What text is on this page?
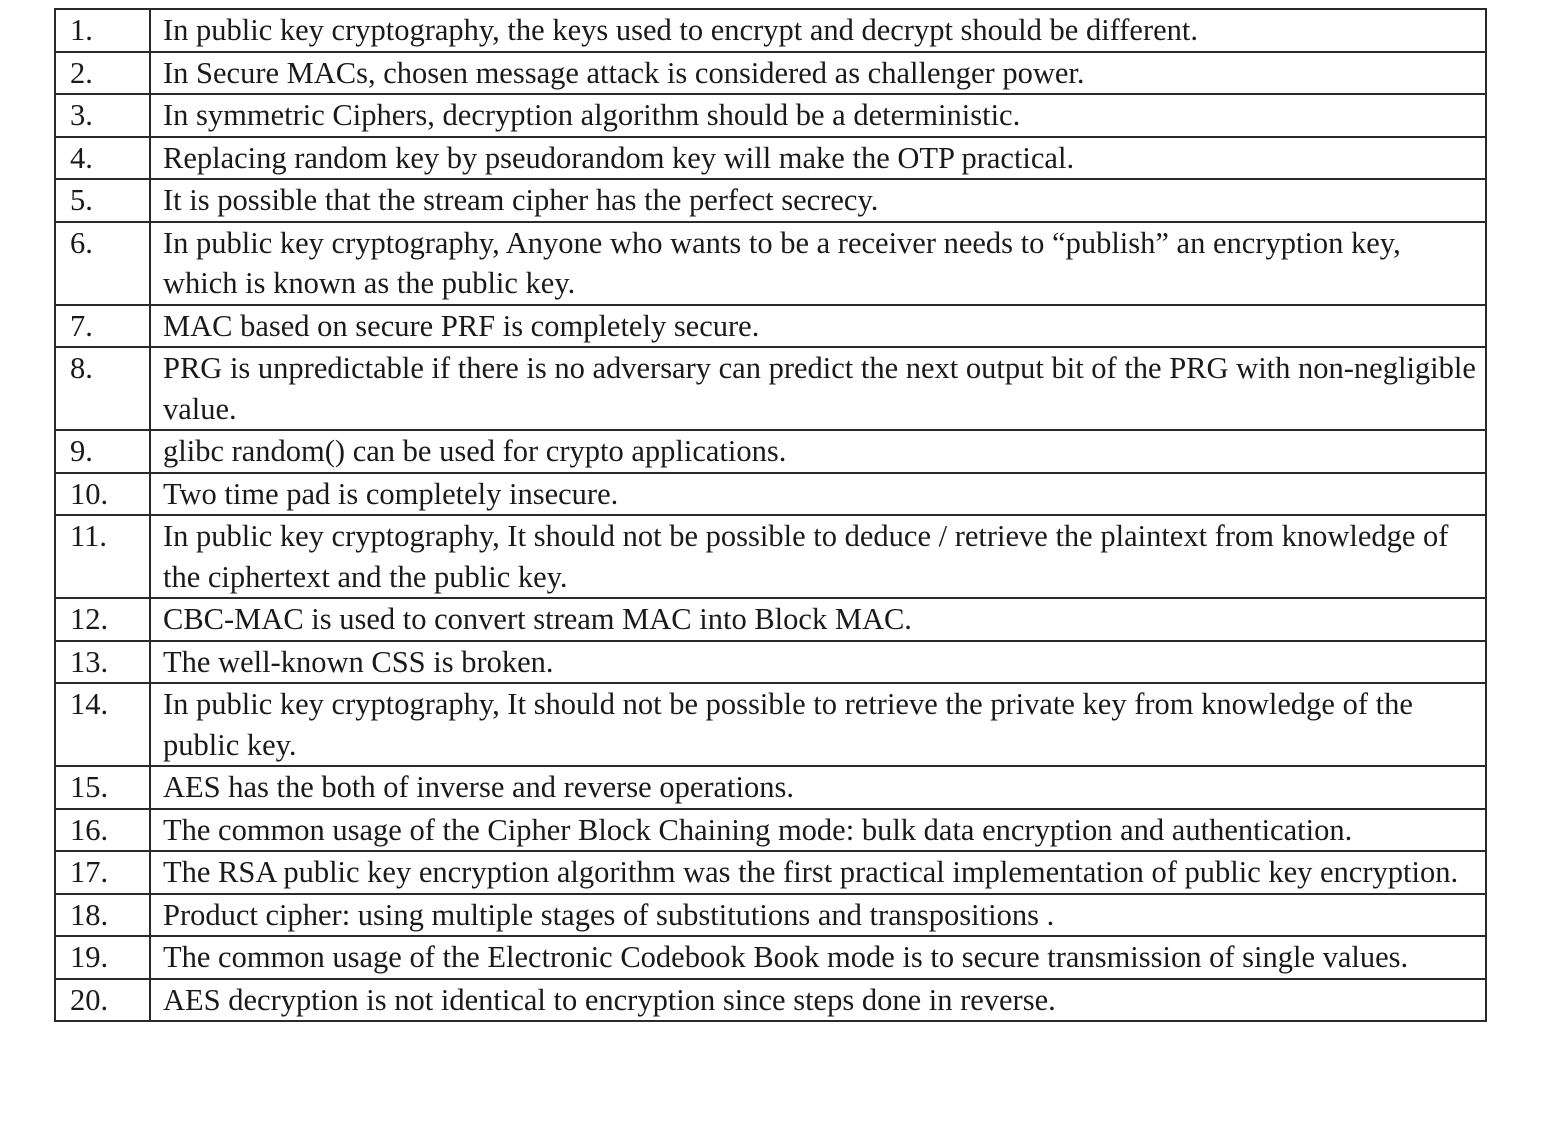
1.	In public key cryptography, the keys used to encrypt and decrypt should be different.
2.	In Secure MACs, chosen message attack is considered as challenger power.
3.	In symmetric Ciphers, decryption algorithm should be a deterministic.
4.	Replacing random key by pseudorandom key will make the OTP practical.
5.	It is possible that the stream cipher has the perfect secrecy.
6.	In public key cryptography, Anyone who wants to be a receiver needs to “publish” an encryption key, which is known as the public key.
7.	MAC based on secure PRF is completely secure.
8.	PRG is unpredictable if there is no adversary can predict the next output bit of the PRG with non-negligible value.
9.	glibc random() can be used for crypto applications.
10.	Two time pad is completely insecure.
11.	In public key cryptography, It should not be possible to deduce / retrieve the plaintext from knowledge of the ciphertext and the public key.
12.	CBC-MAC is used to convert stream MAC into Block MAC.
13.	The well-known CSS is broken.
14.	In public key cryptography, It should not be possible to retrieve the private key from knowledge of the public key.
15.	AES has the both of inverse and reverse operations.
16.	The common usage of the Cipher Block Chaining mode: bulk data encryption and authentication.
17.	The RSA public key encryption algorithm was the first practical implementation of public key encryption.
18.	Product cipher: using multiple stages of substitutions and transpositions .
19.	The common usage of the Electronic Codebook Book mode is to secure transmission of single values.
20.	AES decryption is not identical to encryption since steps done in reverse.
